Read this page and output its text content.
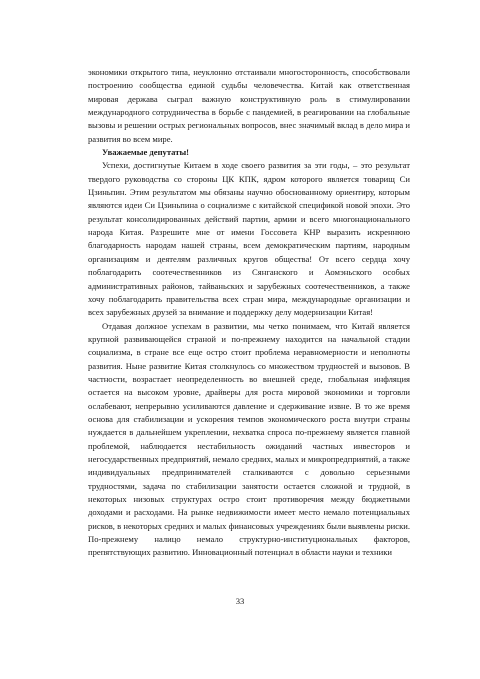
экономики открытого типа, неуклонно отстаивали многосторонность, способствовали построению сообщества единой судьбы человечества. Китай как ответственная мировая держава сыграл важную конструктивную роль в стимулировании международного сотрудничества в борьбе с пандемией, в реагировании на глобальные вызовы и решении острых региональных вопросов, внес значимый вклад в дело мира и развития во всем мире.

Уважаемые депутаты!

Успехи, достигнутые Китаем в ходе своего развития за эти годы, – это результат твердого руководства со стороны ЦК КПК, ядром которого является товарищ Си Цзиньпин. Этим результатом мы обязаны научно обоснованному ориентиру, которым являются идеи Си Цзиньпина о социализме с китайской спецификой новой эпохи. Это результат консолидированных действий партии, армии и всего многонационального народа Китая. Разрешите мне от имени Госсовета КНР выразить искреннюю благодарность народам нашей страны, всем демократическим партиям, народным организациям и деятелям различных кругов общества! От всего сердца хочу поблагодарить соотечественников из Сянганского и Аомэньского особых административных районов, тайваньских и зарубежных соотечественников, а также хочу поблагодарить правительства всех стран мира, международные организации и всех зарубежных друзей за внимание и поддержку делу модернизации Китая!

Отдавая должное успехам в развитии, мы четко понимаем, что Китай является крупной развивающейся страной и по-прежнему находится на начальной стадии социализма, в стране все еще остро стоит проблема неравномерности и неполноты развития. Ныне развитие Китая столкнулось со множеством трудностей и вызовов. В частности, возрастает неопределенность во внешней среде, глобальная инфляция остается на высоком уровне, драйверы для роста мировой экономики и торговли ослабевают, непрерывно усиливаются давление и сдерживание извне. В то же время основа для стабилизации и ускорения темпов экономического роста внутри страны нуждается в дальнейшем укреплении, нехватка спроса по-прежнему является главной проблемой, наблюдается нестабильность ожиданий частных инвесторов и негосударственных предприятий, немало средних, малых и микропредприятий, а также индивидуальных предпринимателей сталкиваются с довольно серьезными трудностями, задача по стабилизации занятости остается сложной и трудной, в некоторых низовых структурах остро стоит противоречия между бюджетными доходами и расходами. На рынке недвижимости имеет место немало потенциальных рисков, в некоторых средних и малых финансовых учреждениях были выявлены риски. По-прежнему налицо немало структурно-институциональных факторов, препятствующих развитию. Инновационный потенциал в области науки и техники

33
